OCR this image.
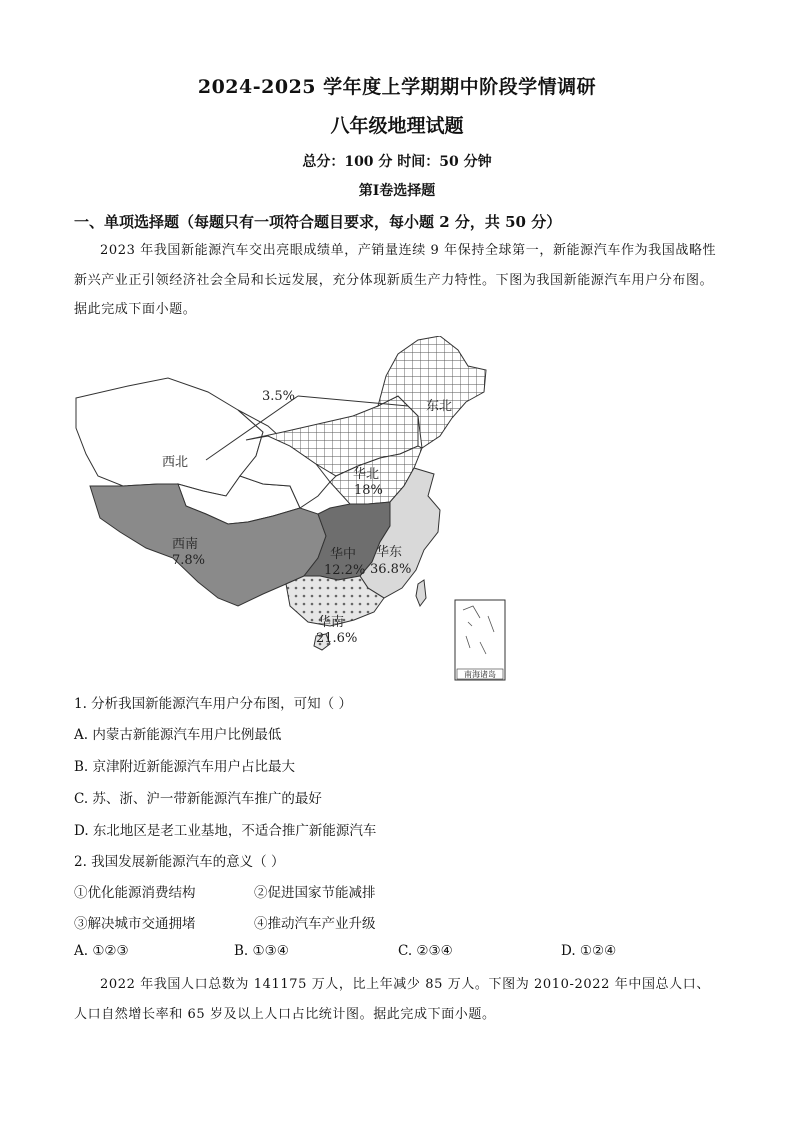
2024-2025 学年度上学期期中阶段学情调研
八年级地理试题
总分：100 分 时间：50 分钟
第Ⅰ卷选择题
一、单项选择题（每题只有一项符合题目要求，每小题 2 分，共 50 分）

2023 年我国新能源汽车交出亮眼成绩单，产销量连续 9 年保持全球第一，新能源汽车作为我国战略性新兴产业正引领经济社会全局和长远发展，充分体现新质生产力特性。下图为我国新能源汽车用户分布图。据此完成下面小题。

南海诸岛
3.5%
西北
东北
华北
18%
西南
7.8%	华中
12.2%
华东
36.8%
华南
21.6%
1. 分析我国新能源汽车用户分布图，可知（ ）
A. 内蒙古新能源汽车用户比例最低
B. 京津附近新能源汽车用户占比最大
C. 苏、浙、沪一带新能源汽车推广的最好
D. 东北地区是老工业基地，不适合推广新能源汽车
2. 我国发展新能源汽车的意义（ ）
①优化能源消费结构	②促进国家节能减排
③解决城市交通拥堵	④推动汽车产业升级
A. ①②③	B. ①③④	C. ②③④	D. ①②④

2022 年我国人口总数为 141175 万人，比上年减少 85 万人。下图为 2010-2022 年中国总人口、人口自然增长率和 65 岁及以上人口占比统计图。据此完成下面小题。
